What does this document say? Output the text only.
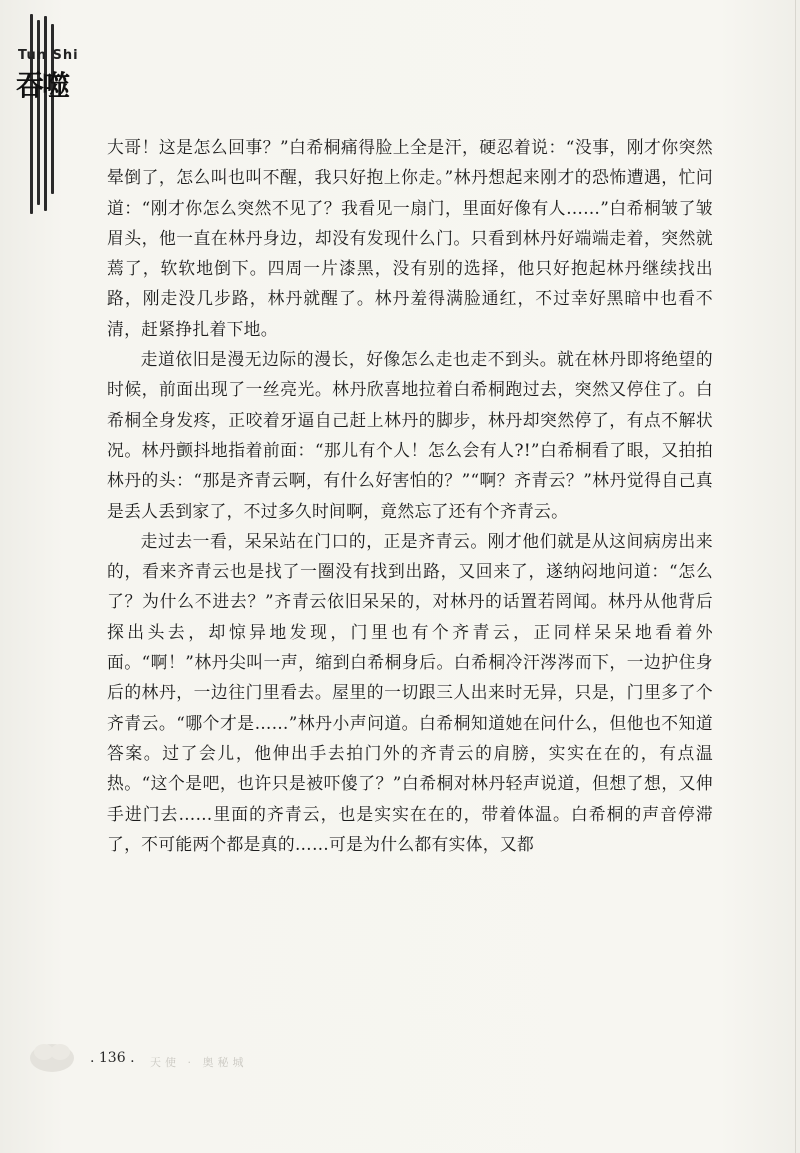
Tun Shi
吞噬

大哥！这是怎么回事？”白希桐痛得脸上全是汗，硬忍着说：“没事，刚才你突然晕倒了，怎么叫也叫不醒，我只好抱上你走。”林丹想起来刚才的恐怖遭遇，忙问道：“刚才你怎么突然不见了？我看见一扇门，里面好像有人……”白希桐皱了皱眉头，他一直在林丹身边，却没有发现什么门。只看到林丹好端端走着，突然就蔫了，软软地倒下。四周一片漆黑，没有别的选择，他只好抱起林丹继续找出路，刚走没几步路，林丹就醒了。林丹羞得满脸通红，不过幸好黑暗中也看不清，赶紧挣扎着下地。

走道依旧是漫无边际的漫长，好像怎么走也走不到头。就在林丹即将绝望的时候，前面出现了一丝亮光。林丹欣喜地拉着白希桐跑过去，突然又停住了。白希桐全身发疼，正咬着牙逼自己赶上林丹的脚步，林丹却突然停了，有点不解状况。林丹颤抖地指着前面：“那儿有个人！怎么会有人?!”白希桐看了眼，又拍拍林丹的头：“那是齐青云啊，有什么好害怕的？”“啊？齐青云？”林丹觉得自己真是丢人丢到家了，不过多久时间啊，竟然忘了还有个齐青云。

走过去一看，呆呆站在门口的，正是齐青云。刚才他们就是从这间病房出来的，看来齐青云也是找了一圈没有找到出路，又回来了，遂纳闷地问道：“怎么了？为什么不进去？”齐青云依旧呆呆的，对林丹的话置若罔闻。林丹从他背后探出头去，却惊异地发现，门里也有个齐青云，正同样呆呆地看着外面。“啊！”林丹尖叫一声，缩到白希桐身后。白希桐冷汗涔涔而下，一边护住身后的林丹，一边往门里看去。屋里的一切跟三人出来时无异，只是，门里多了个齐青云。“哪个才是……”林丹小声问道。白希桐知道她在问什么，但他也不知道答案。过了会儿，他伸出手去拍门外的齐青云的肩膀，实实在在的，有点温热。“这个是吧，也许只是被吓傻了？”白希桐对林丹轻声说道，但想了想，又伸手进门去……里面的齐青云，也是实实在在的，带着体温。白希桐的声音停滞了，不可能两个都是真的……可是为什么都有实体，又都

. 136 . 天使 · 奥秘城
